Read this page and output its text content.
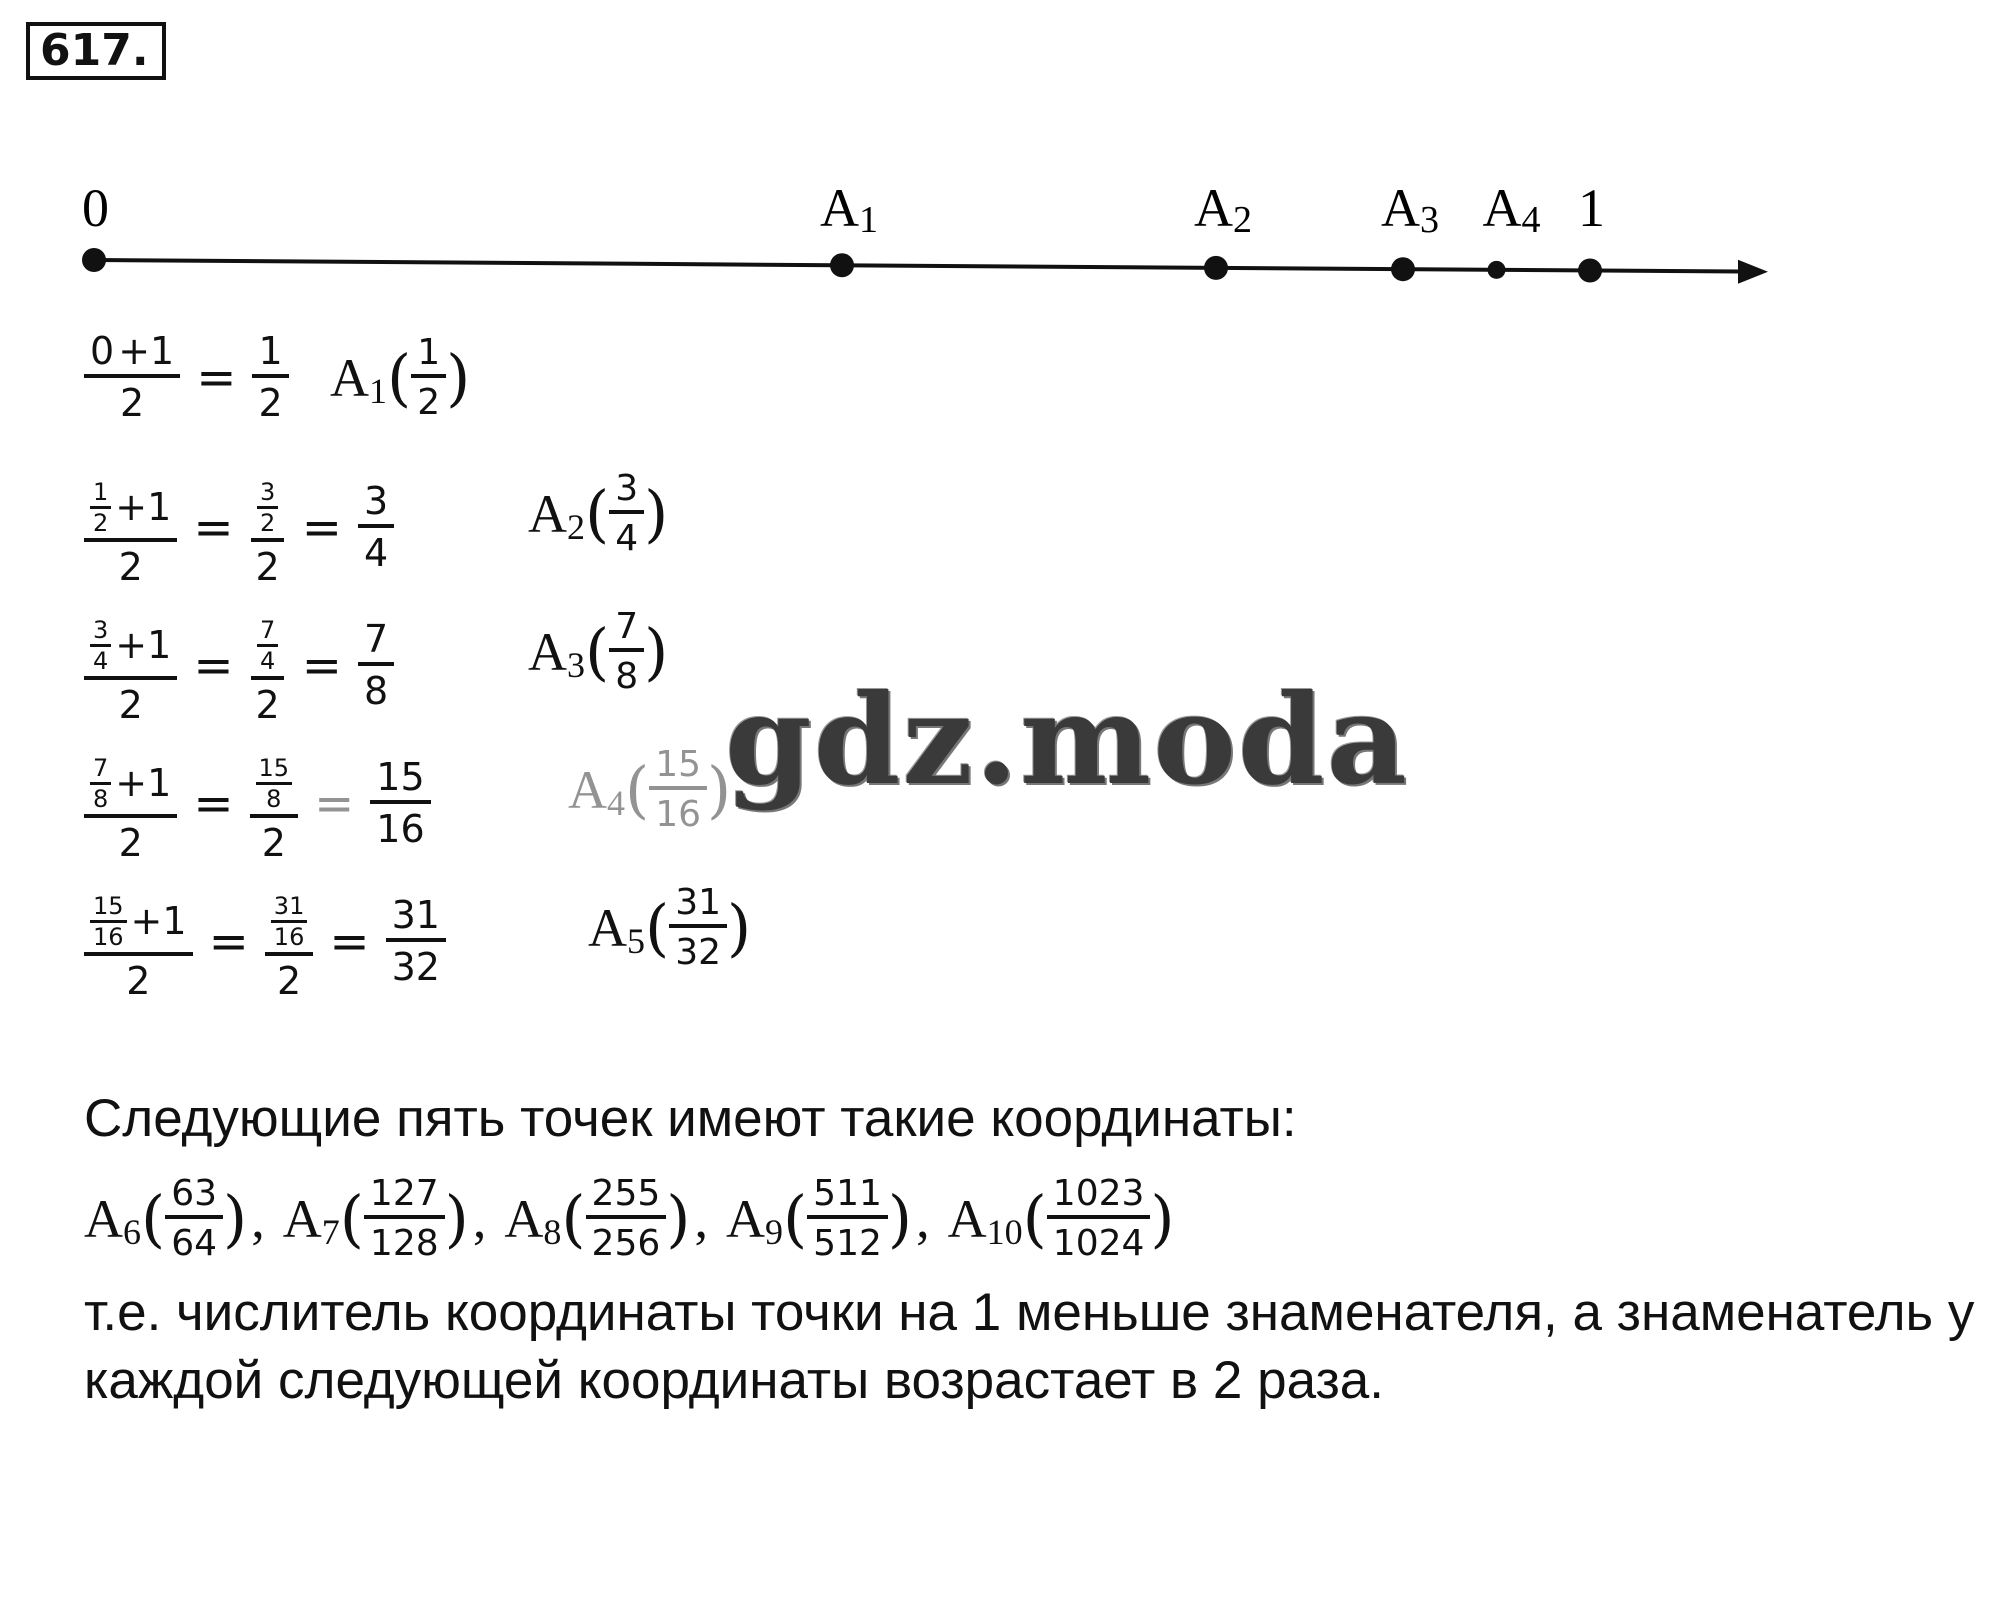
617.
0	A1	A2 A3 A4 1
$\frac{0 +1}{2} = \frac{1}{2}$ A 1 ( $\frac{1}{2}$ )
$\frac{\frac{1}{2} +1}{2} = \frac{\frac{3}{2}}{2} = \frac{3}{4}$ A 2 ( $\frac{3}{4}$ )
$\frac{\frac{3}{4} +1}{2} = \frac{\frac{7}{4}}{2} = \frac{7}{8}$ A 3 ( $\frac{7}{8}$ )
$\frac{\frac{7}{8} +1}{2} = \frac{\frac{15}{8}}{2} = \frac{15}{16}$	A 4 ( $\frac{15}{16}$ )
$\frac{\frac{15}{16} +1}{2} = \frac{\frac{31}{16}}{2} = \frac{31}{32}$	A 5 ( $\frac{31}{32}$ )
gdz.moda
Следующие пять точек имеют такие координаты:
A 6 ( $\frac{63}{64}$ ) , A 7 ( $\frac{127}{128}$ ) , A 8 ( $\frac{255}{256}$ ) , A 9 ( $\frac{511}{512}$ ) , A 10 ( $\frac{1023}{1024}$ )
т.е. числитель координаты точки на 1 меньше знаменателя, а знаменатель у
каждой следующей координаты возрастает в 2 раза.
